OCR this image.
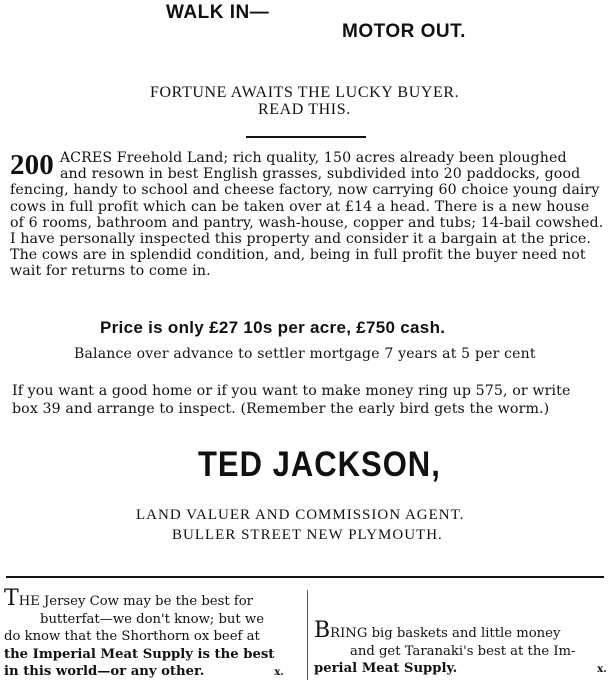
WALK IN—
MOTOR OUT.
FORTUNE AWAITS THE LUCKY BUYER.
READ THIS.
200 ACRES Freehold Land; rich quality, 150 acres already been ploughed
and resown in best English grasses, subdivided into 20 paddocks, good
fencing, handy to school and cheese factory, now carrying 60 choice young dairy
cows in full profit which can be taken over at £14 a head. There is a new house
of 6 rooms, bathroom and pantry, wash-house, copper and tubs; 14-bail cowshed.
I have personally inspected this property and consider it a bargain at the price.
The cows are in splendid condition, and, being in full profit the buyer need not
wait for returns to come in.
Price is only £27 10s per acre, £750 cash.
Balance over advance to settler mortgage 7 years at 5 per cent
If you want a good home or if you want to make money ring up 575, or write
box 39 and arrange to inspect. (Remember the early bird gets the worm.)
TED JACKSON,
LAND VALUER AND COMMISSION AGENT.
BULLER STREET NEW PLYMOUTH.
THE Jersey Cow may be the best for
butterfat—we don't know; but we
do know that the Shorthorn ox beef at
the Imperial Meat Supply is the best
in this world—or any other.	x.
BRING big baskets and little money
and get Taranaki's best at the Im-
perial Meat Supply.	x.
